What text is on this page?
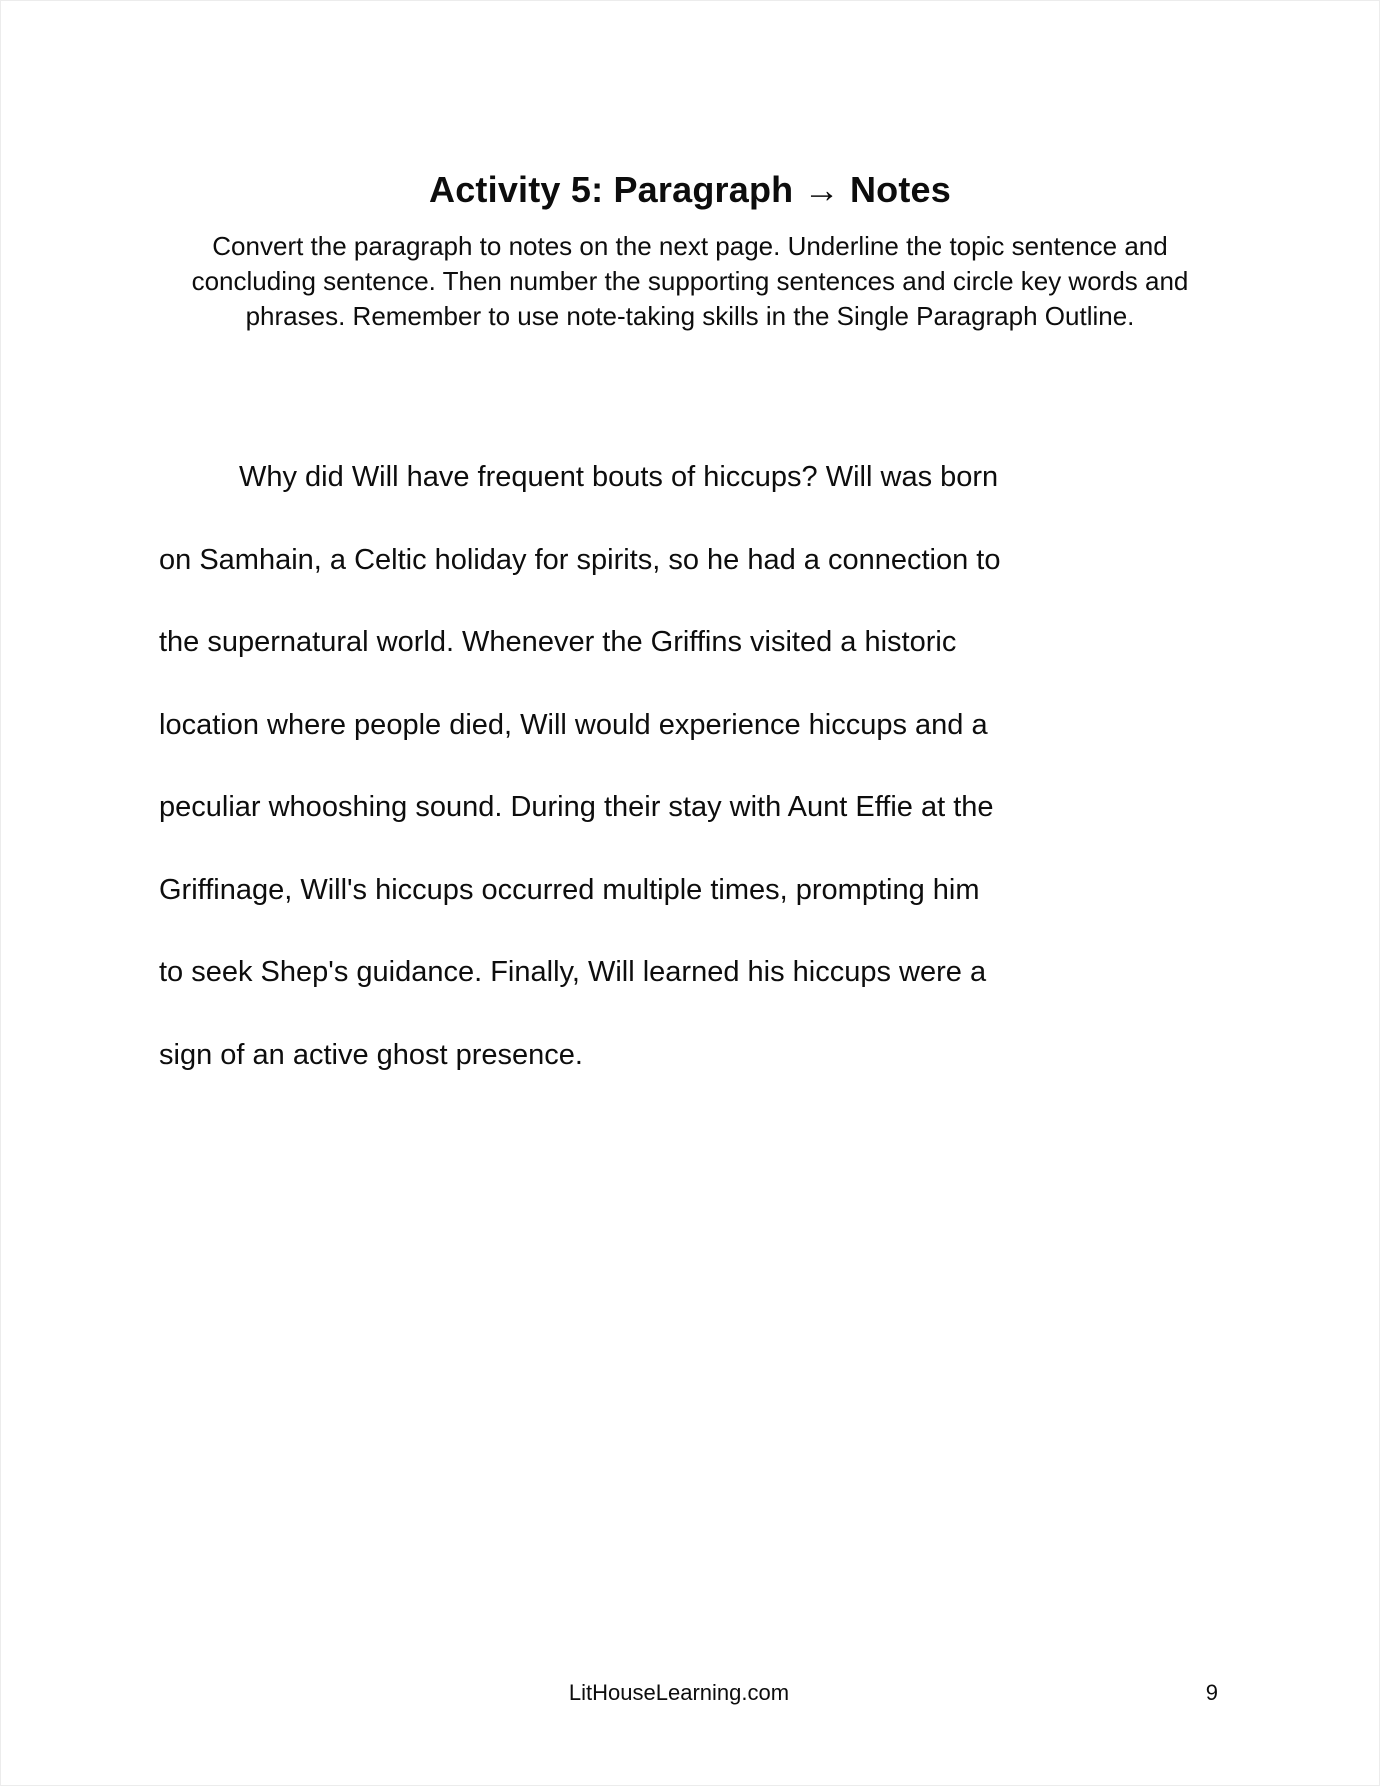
Activity 5: Paragraph → Notes
Convert the paragraph to notes on the next page. Underline the topic sentence and
concluding sentence. Then number the supporting sentences and circle key words and
phrases. Remember to use note-taking skills in the Single Paragraph Outline.
Why did Will have frequent bouts of hiccups? Will was born
on Samhain, a Celtic holiday for spirits, so he had a connection to
the supernatural world. Whenever the Griffins visited a historic
location where people died, Will would experience hiccups and a
peculiar whooshing sound. During their stay with Aunt Effie at the
Griffinage, Will's hiccups occurred multiple times, prompting him
to seek Shep's guidance. Finally, Will learned his hiccups were a
sign of an active ghost presence.
LitHouseLearning.com	9
